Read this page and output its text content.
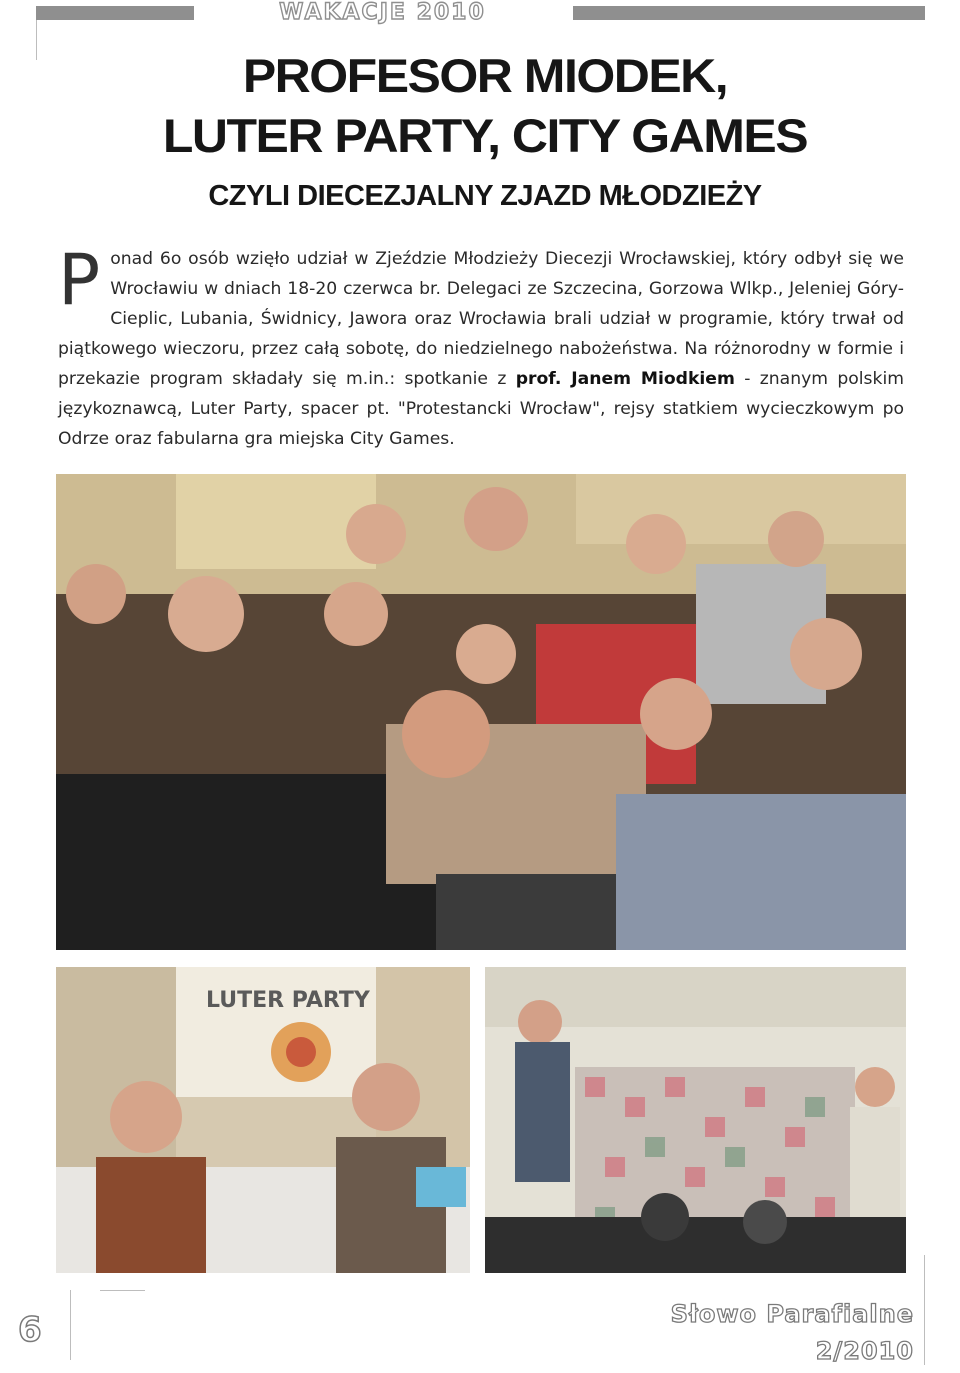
WAKACJE 2010
PROFESOR MIODEK,
LUTER PARTY, CITY GAMES
CZYLI DIECEZJALNY ZJAZD MŁODZIEŻY
Ponad 6o osób wzięło udział w Zjeździe Młodzieży Diecezji Wrocławskiej, który odbył się we Wrocławiu w dniach 18-20 czerwca br. Delegaci ze Szczecina, Gorzowa Wlkp., Jeleniej Góry-Cieplic, Lubania, Świdnicy, Jawora oraz Wrocławia brali udział w programie, który trwał od piątkowego wieczoru, przez całą sobotę, do niedzielnego nabożeństwa. Na różnorodny w formie i przekazie program składały się m.in.: spotkanie z prof. Janem Miodkiem - znanym polskim językoznawcą, Luter Party, spacer pt. "Protestancki Wrocław", rejsy statkiem wycieczkowym po Odrze oraz fabularna gra miejska City Games.
LUTER PARTY
6	Słowo Parafialne
2/2010
